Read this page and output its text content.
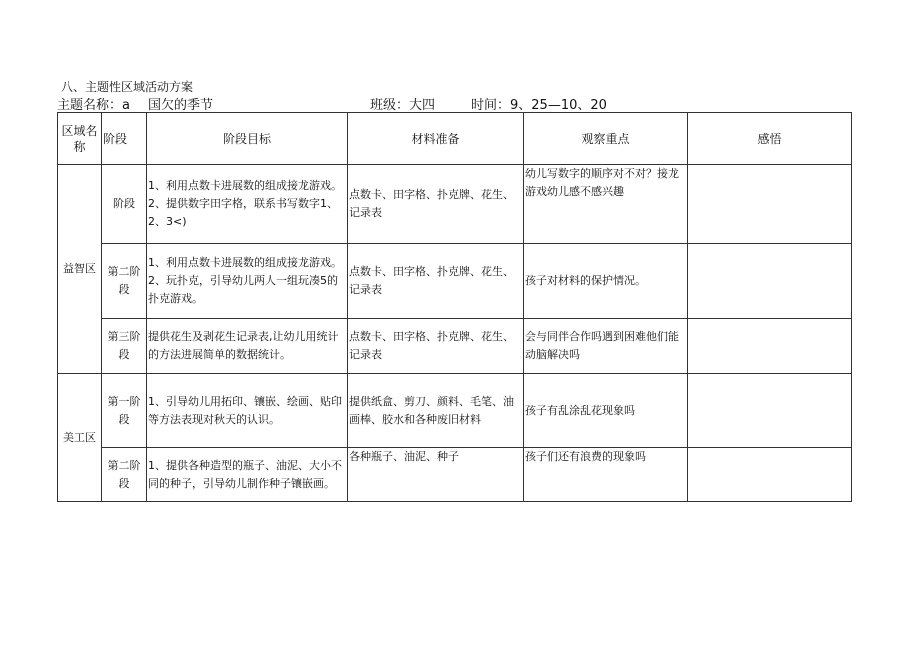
八、主题性区域活动方案
主题名称：a 国欠的季节	班级：大四	时间：9、25—10、20
区域名称	阶段	阶段目标	材料准备	观察重点	感悟
益智区	阶段	1、利用点数卡进展数的组成接龙游戏。2、提供数字田字格，联系书写数字1、2、3<)	点数卡、田字格、扑克牌、花生、记录表	幼儿写数字的顺序对不对？接龙游戏幼儿感不感兴趣	
	第二阶段	1、利用点数卡进展数的组成接龙游戏。2、玩扑克，引导幼儿两人一组玩凑5的扑克游戏。	点数卡、田字格、扑克牌、花生、记录表	孩子对材料的保护情况。	
	第三阶段	提供花生及剥花生记录表,让幼儿用统计的方法进展简单的数据统计。	点数卡、田字格、扑克牌、花生、记录表	会与同伴合作吗遇到困难他们能动脑解决吗	
美工区	第一阶段	1、引导幼儿用拓印、镶嵌、绘画、贴印等方法表现对秋天的认识。	提供纸盒、剪刀、颜料、毛笔、油画棒、胶水和各种废旧材料	孩子有乱涂乱花现象吗	
	第二阶段	1、提供各种造型的瓶子、油泥、大小不同的种子，引导幼儿制作种子镶嵌画。	各种瓶子、油泥、种子	孩子们还有浪费的现象吗	
